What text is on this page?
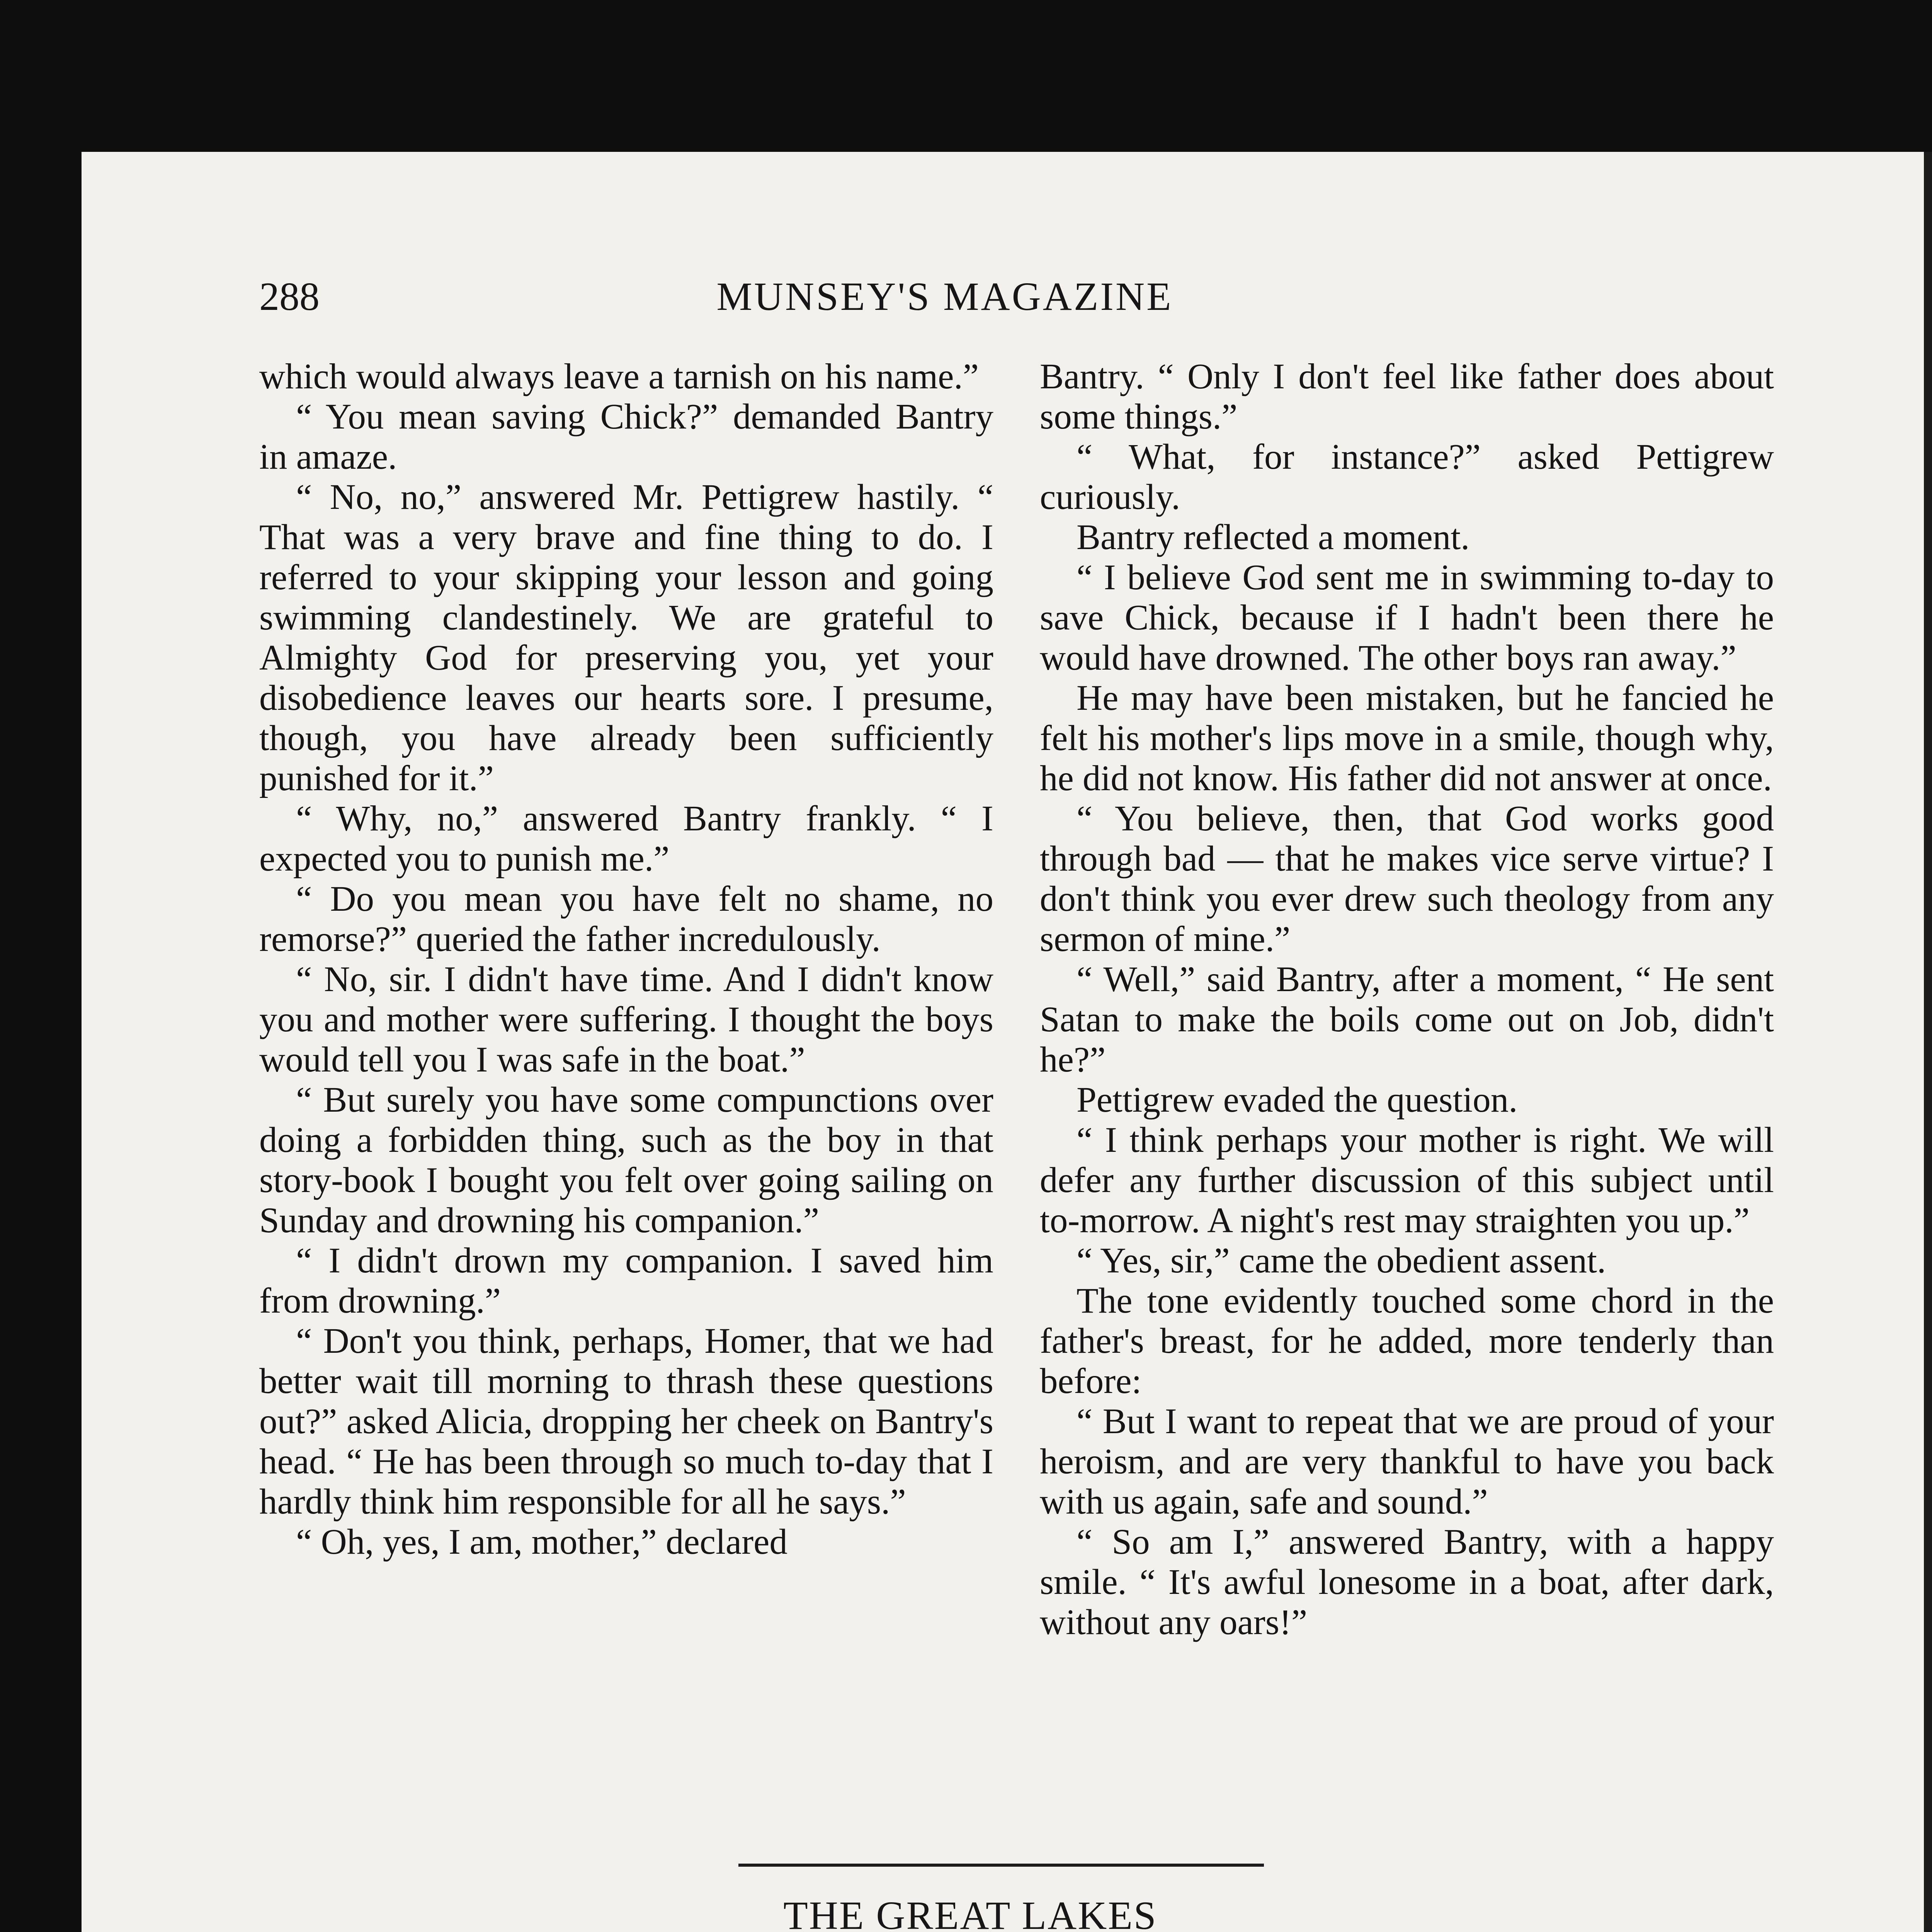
288	MUNSEY'S MAGAZINE

which would always leave a tarnish on his name.”

“ You mean saving Chick?” demanded Bantry in amaze.

“ No, no,” answered Mr. Pettigrew hastily. “ That was a very brave and fine thing to do. I referred to your skipping your lesson and going swimming clandestinely. We are grateful to Almighty God for preserving you, yet your disobedience leaves our hearts sore. I presume, though, you have already been sufficiently punished for it.”

“ Why, no,” answered Bantry frankly. “ I expected you to punish me.”

“ Do you mean you have felt no shame, no remorse?” queried the father incredulously.

“ No, sir. I didn't have time. And I didn't know you and mother were suffering. I thought the boys would tell you I was safe in the boat.”

“ But surely you have some compunctions over doing a forbidden thing, such as the boy in that story-book I bought you felt over going sailing on Sunday and drowning his companion.”

“ I didn't drown my companion. I saved him from drowning.”

“ Don't you think, perhaps, Homer, that we had better wait till morning to thrash these questions out?” asked Alicia, dropping her cheek on Bantry's head. “ He has been through so much to-day that I hardly think him responsible for all he says.”

“ Oh, yes, I am, mother,” declared

Bantry. “ Only I don't feel like father does about some things.”

“ What, for instance?” asked Pettigrew curiously.

Bantry reflected a moment.

“ I believe God sent me in swimming to-day to save Chick, because if I hadn't been there he would have drowned. The other boys ran away.”

He may have been mistaken, but he fancied he felt his mother's lips move in a smile, though why, he did not know. His father did not answer at once.

“ You believe, then, that God works good through bad — that he makes vice serve virtue? I don't think you ever drew such theology from any sermon of mine.”

“ Well,” said Bantry, after a moment, “ He sent Satan to make the boils come out on Job, didn't he?”

Pettigrew evaded the question.

“ I think perhaps your mother is right. We will defer any further discussion of this subject until to-morrow. A night's rest may straighten you up.”

“ Yes, sir,” came the obedient assent.

The tone evidently touched some chord in the father's breast, for he added, more tenderly than before:

“ But I want to repeat that we are proud of your heroism, and are very thankful to have you back with us again, safe and sound.”

“ So am I,” answered Bantry, with a happy smile. “ It's awful lonesome in a boat, after dark, without any oars!”

THE GREAT LAKES
